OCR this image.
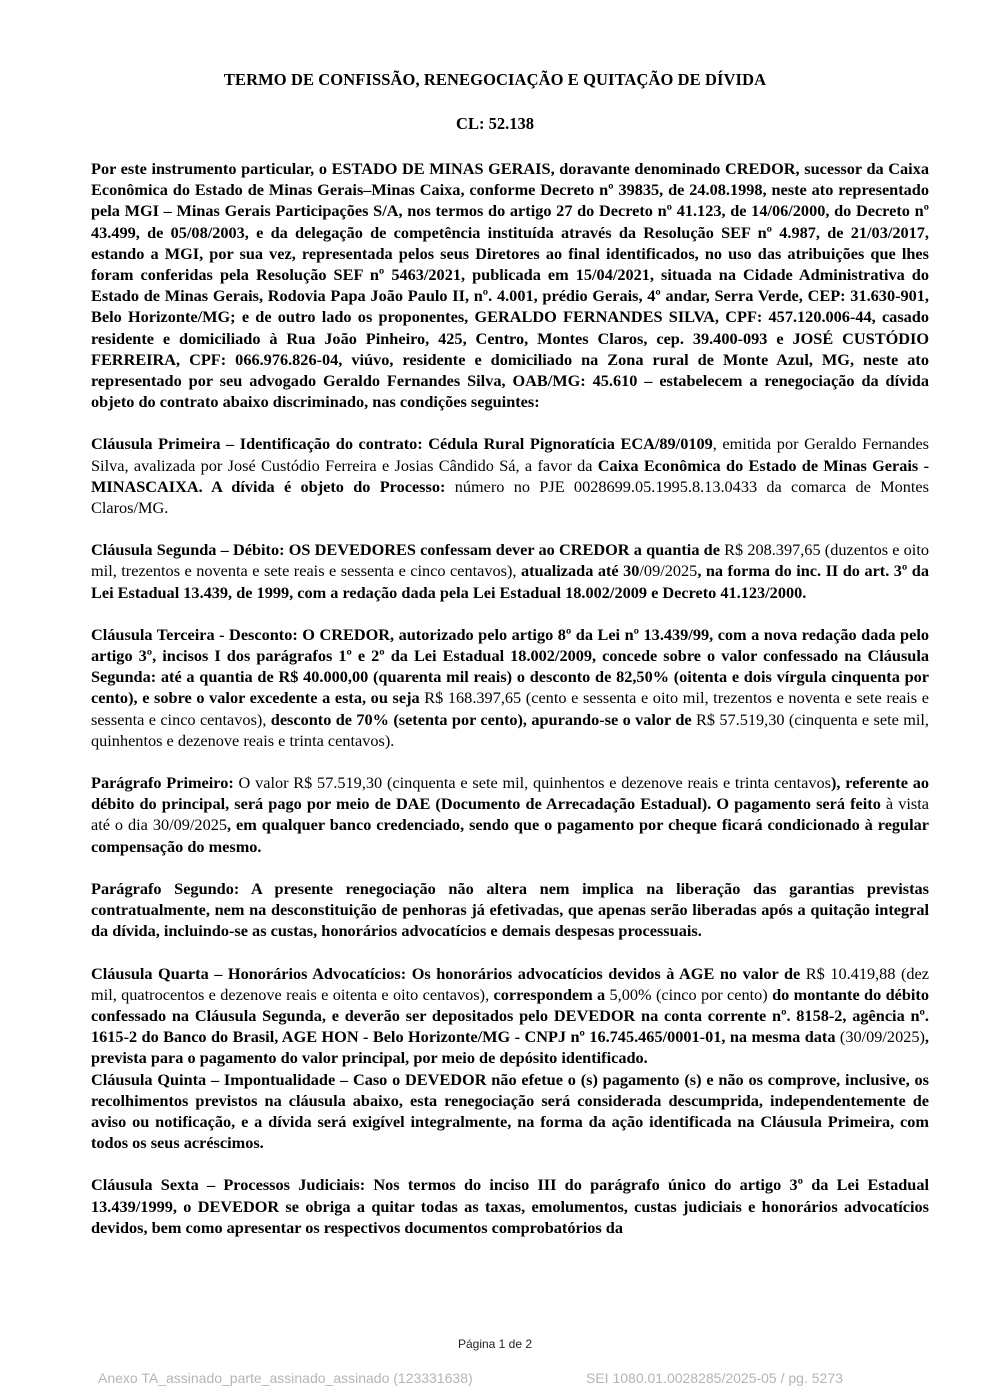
TERMO DE CONFISSÃO, RENEGOCIAÇÃO E QUITAÇÃO DE DÍVIDA
CL: 52.138

Por este instrumento particular, o ESTADO DE MINAS GERAIS, doravante denominado CREDOR, sucessor da Caixa Econômica do Estado de Minas Gerais–Minas Caixa, conforme Decreto nº 39835, de 24.08.1998, neste ato representado pela MGI – Minas Gerais Participações S/A, nos termos do artigo 27 do Decreto nº 41.123, de 14/06/2000, do Decreto nº 43.499, de 05/08/2003, e da delegação de competência instituída através da Resolução SEF nº 4.987, de 21/03/2017, estando a MGI, por sua vez, representada pelos seus Diretores ao final identificados, no uso das atribuições que lhes foram conferidas pela Resolução SEF nº 5463/2021, publicada em 15/04/2021, situada na Cidade Administrativa do Estado de Minas Gerais, Rodovia Papa João Paulo II, nº. 4.001, prédio Gerais, 4º andar, Serra Verde, CEP: 31.630-901, Belo Horizonte/MG; e de outro lado os proponentes, GERALDO FERNANDES SILVA, CPF: 457.120.006-44, casado residente e domiciliado à Rua João Pinheiro, 425, Centro, Montes Claros, cep. 39.400-093 e JOSÉ CUSTÓDIO FERREIRA, CPF: 066.976.826-04, viúvo, residente e domiciliado na Zona rural de Monte Azul, MG, neste ato representado por seu advogado Geraldo Fernandes Silva, OAB/MG: 45.610 – estabelecem a renegociação da dívida objeto do contrato abaixo discriminado, nas condições seguintes:

Cláusula Primeira – Identificação do contrato: Cédula Rural Pignoratícia ECA/89/0109, emitida por Geraldo Fernandes Silva, avalizada por José Custódio Ferreira e Josias Cândido Sá, a favor da Caixa Econômica do Estado de Minas Gerais - MINASCAIXA. A dívida é objeto do Processo: número no PJE 0028699.05.1995.8.13.0433 da comarca de Montes Claros/MG.

Cláusula Segunda – Débito: OS DEVEDORES confessam dever ao CREDOR a quantia de R$ 208.397,65 (duzentos e oito mil, trezentos e noventa e sete reais e sessenta e cinco centavos), atualizada até 30/09/2025, na forma do inc. II do art. 3º da Lei Estadual 13.439, de 1999, com a redação dada pela Lei Estadual 18.002/2009 e Decreto 41.123/2000.

Cláusula Terceira - Desconto: O CREDOR, autorizado pelo artigo 8º da Lei nº 13.439/99, com a nova redação dada pelo artigo 3º, incisos I dos parágrafos 1º e 2º da Lei Estadual 18.002/2009, concede sobre o valor confessado na Cláusula Segunda: até a quantia de R$ 40.000,00 (quarenta mil reais) o desconto de 82,50% (oitenta e dois vírgula cinquenta por cento), e sobre o valor excedente a esta, ou seja R$ 168.397,65 (cento e sessenta e oito mil, trezentos e noventa e sete reais e sessenta e cinco centavos), desconto de 70% (setenta por cento), apurando-se o valor de R$ 57.519,30 (cinquenta e sete mil, quinhentos e dezenove reais e trinta centavos).

Parágrafo Primeiro: O valor R$ 57.519,30 (cinquenta e sete mil, quinhentos e dezenove reais e trinta centavos), referente ao débito do principal, será pago por meio de DAE (Documento de Arrecadação Estadual). O pagamento será feito à vista até o dia 30/09/2025, em qualquer banco credenciado, sendo que o pagamento por cheque ficará condicionado à regular compensação do mesmo.

Parágrafo Segundo: A presente renegociação não altera nem implica na liberação das garantias previstas contratualmente, nem na desconstituição de penhoras já efetivadas, que apenas serão liberadas após a quitação integral da dívida, incluindo-se as custas, honorários advocatícios e demais despesas processuais.

Cláusula Quarta – Honorários Advocatícios: Os honorários advocatícios devidos à AGE no valor de R$ 10.419,88 (dez mil, quatrocentos e dezenove reais e oitenta e oito centavos), correspondem a 5,00% (cinco por cento) do montante do débito confessado na Cláusula Segunda, e deverão ser depositados pelo DEVEDOR na conta corrente nº. 8158-2, agência nº. 1615-2 do Banco do Brasil, AGE HON - Belo Horizonte/MG - CNPJ nº 16.745.465/0001-01, na mesma data (30/09/2025), prevista para o pagamento do valor principal, por meio de depósito identificado.

Cláusula Quinta – Impontualidade – Caso o DEVEDOR não efetue o (s) pagamento (s) e não os comprove, inclusive, os recolhimentos previstos na cláusula abaixo, esta renegociação será considerada descumprida, independentemente de aviso ou notificação, e a dívida será exigível integralmente, na forma da ação identificada na Cláusula Primeira, com todos os seus acréscimos.

Cláusula Sexta – Processos Judiciais: Nos termos do inciso III do parágrafo único do artigo 3º da Lei Estadual 13.439/1999, o DEVEDOR se obriga a quitar todas as taxas, emolumentos, custas judiciais e honorários advocatícios devidos, bem como apresentar os respectivos documentos comprobatórios da

Página 1 de 2
Anexo TA_assinado_parte_assinado_assinado (123331638)	SEI 1080.01.0028285/2025-05 / pg. 5273
